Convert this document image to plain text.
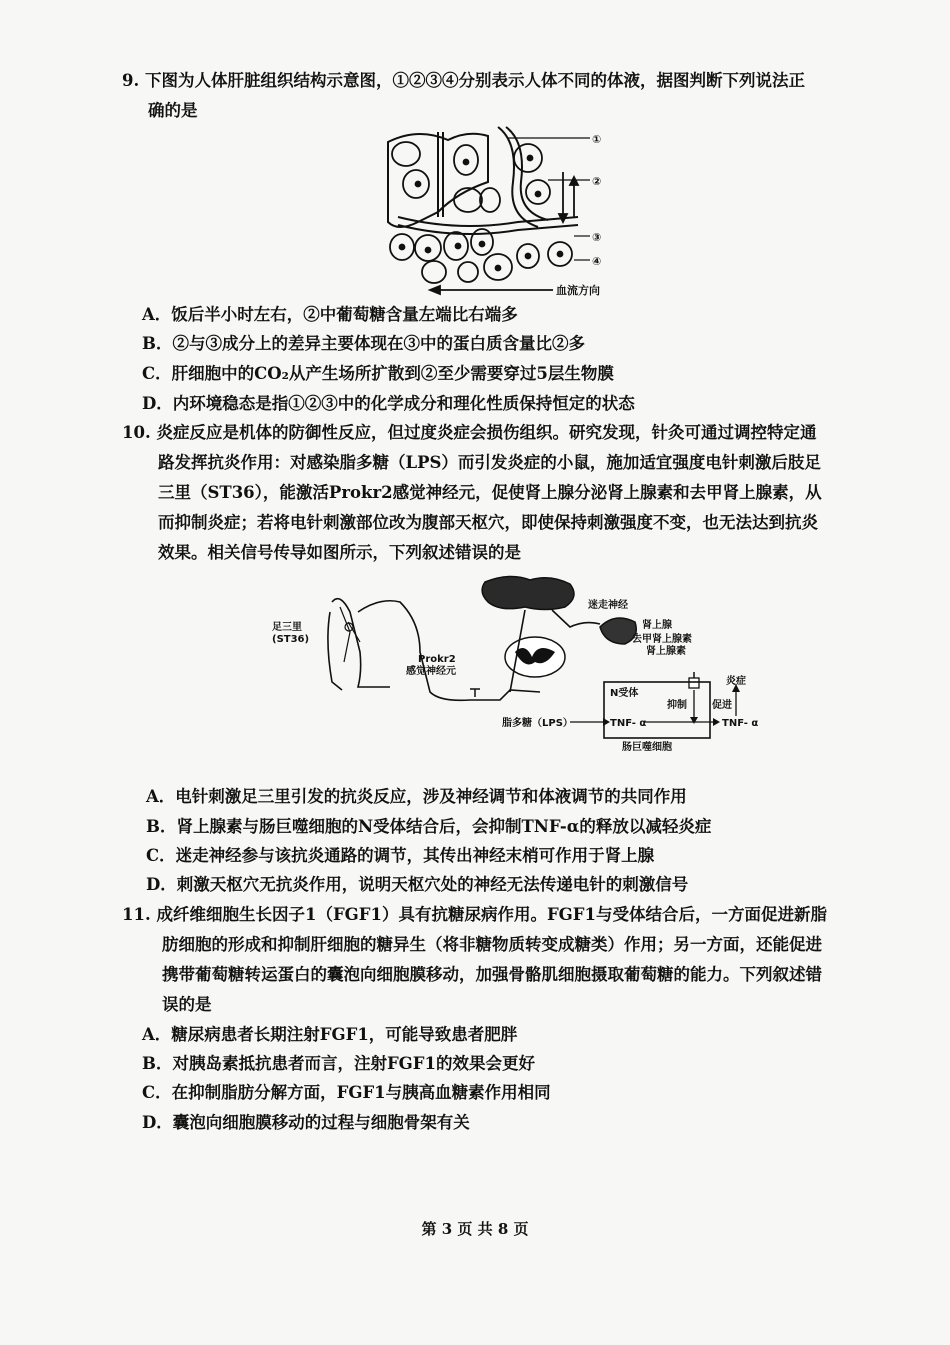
9. 下图为人体肝脏组织结构示意图，①②③④分别表示人体不同的体液，据图判断下列说法正
确的是
①
②
③
④
血流方向
A．饭后半小时左右，②中葡萄糖含量左端比右端多
B．②与③成分上的差异主要体现在③中的蛋白质含量比②多
C．肝细胞中的CO₂从产生场所扩散到②至少需要穿过5层生物膜
D．内环境稳态是指①②③中的化学成分和理化性质保持恒定的状态
10. 炎症反应是机体的防御性反应，但过度炎症会损伤组织。研究发现，针灸可通过调控特定通
路发挥抗炎作用：对感染脂多糖（LPS）而引发炎症的小鼠，施加适宜强度电针刺激后肢足
三里（ST36），能激活Prokr2感觉神经元，促使肾上腺分泌肾上腺素和去甲肾上腺素，从
而抑制炎症；若将电针刺激部位改为腹部天枢穴，即使保持刺激强度不变，也无法达到抗炎
效果。相关信号传导如图所示，下列叙述错误的是
足三里
(ST36)
Prokr2
感觉神经元
迷走神经
肾上腺
去甲肾上腺素
肾上腺素
N受体
抑制	促进
炎症
脂多糖（LPS）	TNF- α	TNF- α
肠巨噬细胞
A．电针刺激足三里引发的抗炎反应，涉及神经调节和体液调节的共同作用
B．肾上腺素与肠巨噬细胞的N受体结合后，会抑制TNF-α的释放以减轻炎症
C．迷走神经参与该抗炎通路的调节，其传出神经末梢可作用于肾上腺
D．刺激天枢穴无抗炎作用，说明天枢穴处的神经无法传递电针的刺激信号
11. 成纤维细胞生长因子1（FGF1）具有抗糖尿病作用。FGF1与受体结合后，一方面促进新脂
肪细胞的形成和抑制肝细胞的糖异生（将非糖物质转变成糖类）作用；另一方面，还能促进
携带葡萄糖转运蛋白的囊泡向细胞膜移动，加强骨骼肌细胞摄取葡萄糖的能力。下列叙述错
误的是
A．糖尿病患者长期注射FGF1，可能导致患者肥胖
B．对胰岛素抵抗患者而言，注射FGF1的效果会更好
C．在抑制脂肪分解方面，FGF1与胰高血糖素作用相同
D．囊泡向细胞膜移动的过程与细胞骨架有关
第 3 页 共 8 页
